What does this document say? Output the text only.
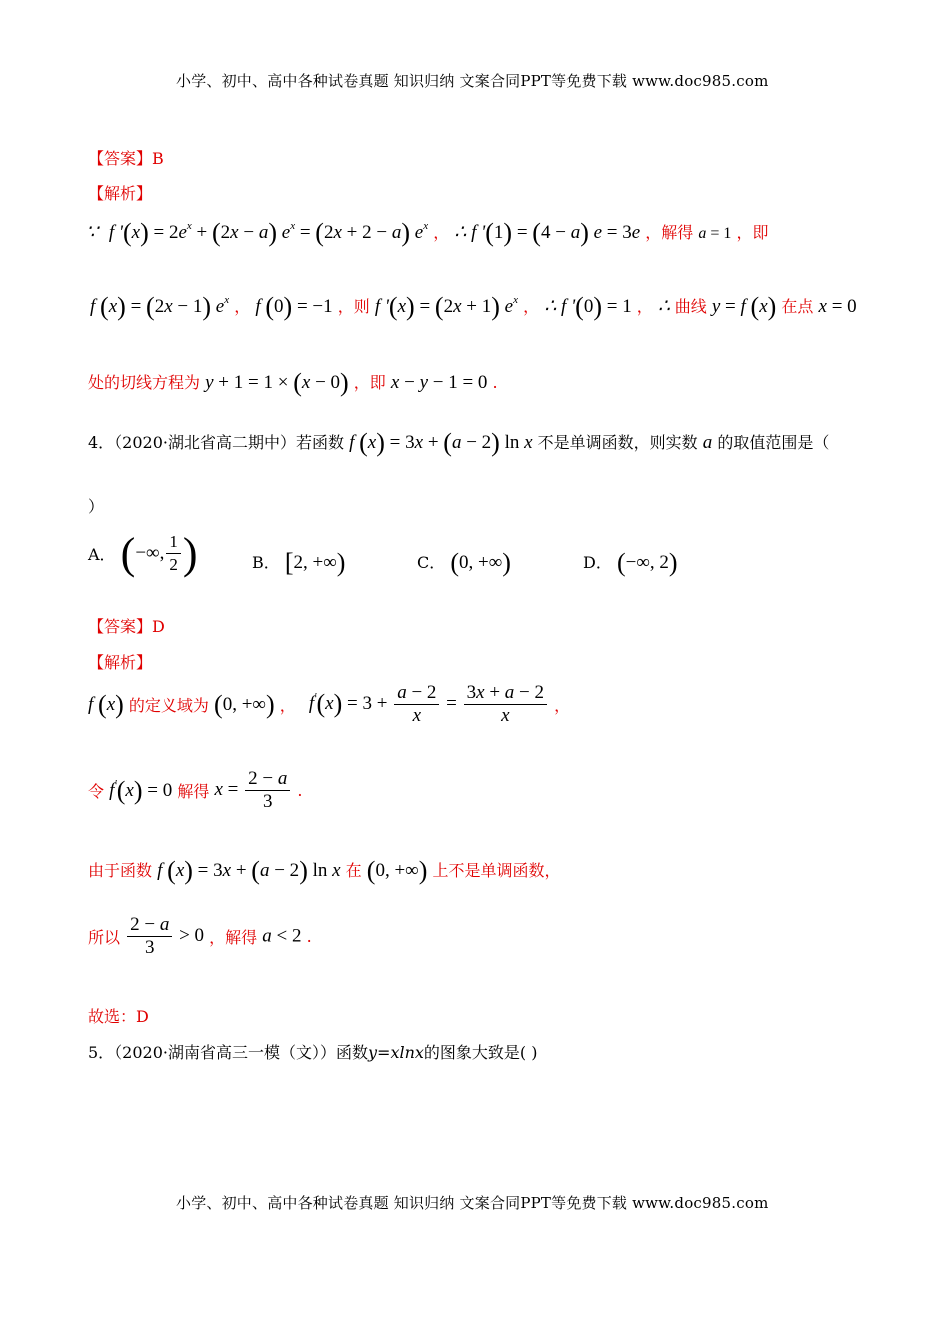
小学、初中、高中各种试卷真题 知识归纳 文案合同PPT等免费下载 www.doc985.com
小学、初中、高中各种试卷真题 知识归纳 文案合同PPT等免费下载 www.doc985.com
【答案】B
【解析】
∵ f '$(x) = 2e^x + (2x - a) e^x = (2x + 2 - a)$ $e^x$ ， ∴ f '(1) = (4 − a) e = 3e ，解得 a = 1 ，即
f (x) = (2x − 1) $e^x$ ， f (0) = −1 ，则 f '(x) = (2x + 1) $e^x$ ， ∴ f '(0) = 1 ， ∴ 曲线 y = f (x) 在点 x = 0
处的切线方程为 y + 1 = 1 × (x − 0) ，即 x − y − 1 = 0 .
4．（2020·湖北省高二期中）若函数 f (x) = 3x + (a − 2) ln x 不是单调函数，则实数 a 的取值范围是（
）
A． (−∞, $\frac{1}{2}$ )	B． [2, +∞)	C． (0, +∞)	D． (−∞, 2)
【答案】D
【解析】
f (x) 的定义域为 (0, +∞) ， $f'(x) = 3 + \frac{a - 2}{x} = \frac{3x + a - 2}{x}$ ，
令 f'(x) = 0 解得 $x = \frac{2 - a}{3}$ .
由于函数 f (x) = 3x + (a − 2) ln x 在 (0, +∞) 上不是单调函数，
所以 $\frac{2 - a}{3} > 0$ ，解得 a < 2 .
故选：D
5．（2020·湖南省高三一模（文））函数y=xlnx的图象大致是( )
